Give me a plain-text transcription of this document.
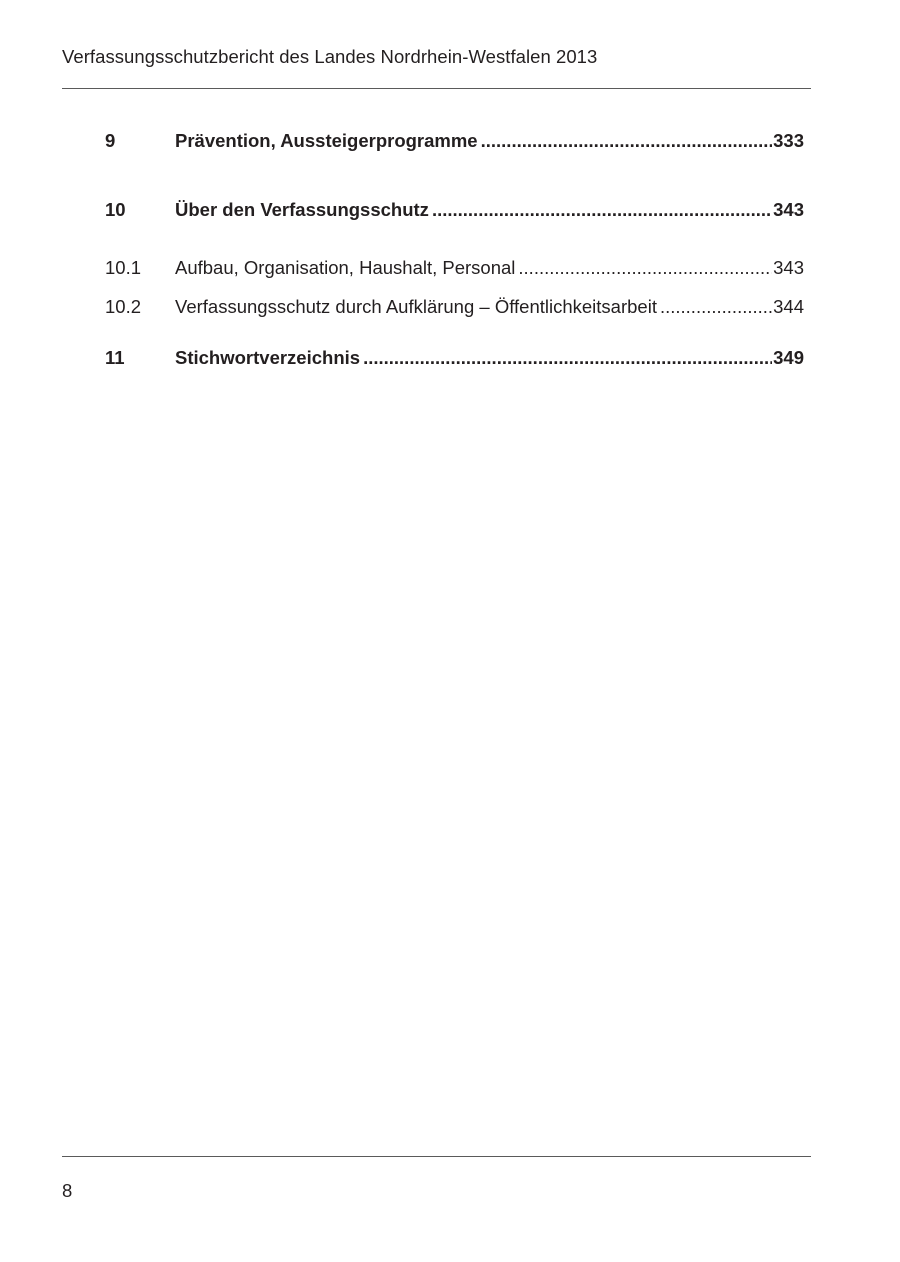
Verfassungsschutzbericht des Landes Nordrhein-Westfalen 2013
9	Prävention, Aussteigerprogramme .....	333
10	Über den Verfassungsschutz .....	343
10.1 Aufbau, Organisation, Haushalt, Personal .....	343
10.2 Verfassungsschutz durch Aufklärung – Öffentlichkeitsarbeit .....	344
11	Stichwortverzeichnis .....	349
8
